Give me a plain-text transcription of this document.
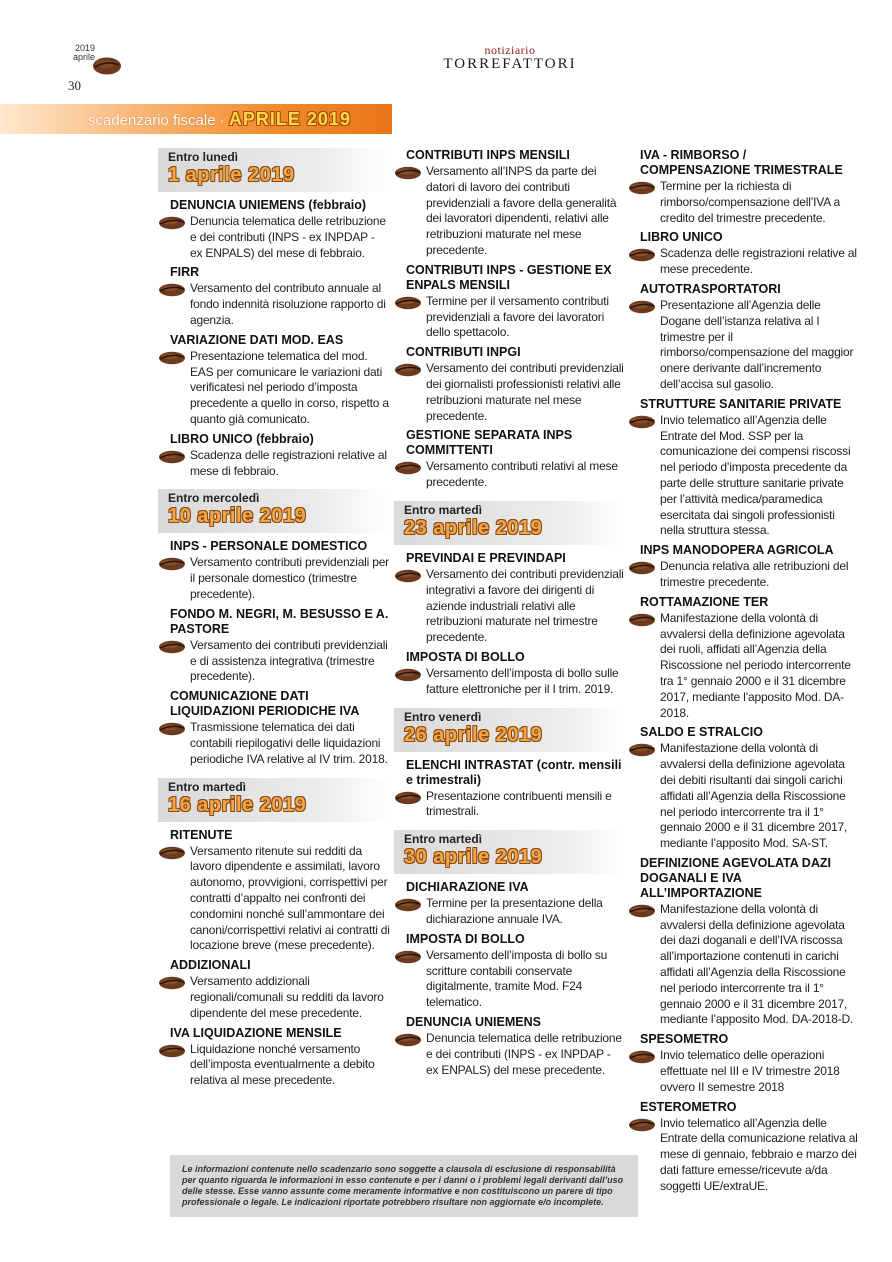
2019
aprile
30
notiziario
TORREFATTORI
scadenzario fiscale · APRILE 2019
Entro lunedì
1 aprile 2019
DENUNCIA UNIEMENS (febbraio)
Denuncia telematica delle retribuzione e dei contributi (INPS - ex INPDAP - ex ENPALS) del mese di febbraio.
FIRR
Versamento del contributo annuale al fondo indennità risoluzione rapporto di agenzia.
VARIAZIONE DATI MOD. EAS
Presentazione telematica del mod. EAS per comunicare le variazioni dati verificatesi nel periodo d’imposta precedente a quello in corso, rispetto a quanto già comunicato.
LIBRO UNICO (febbraio)
Scadenza delle registrazioni relative al mese di febbraio.
Entro mercoledì
10 aprile 2019
INPS - PERSONALE DOMESTICO
Versamento contributi previdenziali per il personale domestico (trimestre precedente).
FONDO M. NEGRI, M. BESUSSO E A. PASTORE
Versamento dei contributi previdenziali e di assistenza integrativa (trimestre precedente).
COMUNICAZIONE DATI LIQUIDAZIONI PERIODICHE IVA
Trasmissione telematica dei dati contabili riepilogativi delle liquidazioni periodiche IVA relative al IV trim. 2018.
Entro martedì
16 aprile 2019
RITENUTE
Versamento ritenute sui redditi da lavoro dipendente e assimilati, lavoro autonomo, provvigioni, corrispettivi per contratti d’appalto nei confronti dei condomini nonché sull’ammontare dei canoni/corrispettivi relativi ai contratti di locazione breve (mese precedente).
ADDIZIONALI
Versamento addizionali regionali/comunali su redditi da lavoro dipendente del mese precedente.
IVA LIQUIDAZIONE MENSILE
Liquidazione nonché versamento dell’imposta eventualmente a debito relativa al mese precedente.
CONTRIBUTI INPS MENSILI
Versamento all’INPS da parte dei datori di lavoro dei contributi previdenziali a favore della generalità dei lavoratori dipendenti, relativi alle retribuzioni maturate nel mese precedente.
CONTRIBUTI INPS - GESTIONE EX ENPALS MENSILI
Termine per il versamento contributi previdenziali a favore dei lavoratori dello spettacolo.
CONTRIBUTI INPGI
Versamento dei contributi previdenziali dei giornalisti professionisti relativi alle retribuzioni maturate nel mese precedente.
GESTIONE SEPARATA INPS COMMITTENTI
Versamento contributi relativi al mese precedente.
Entro martedì
23 aprile 2019
PREVINDAI E PREVINDAPI
Versamento dei contributi previdenziali integrativi a favore dei dirigenti di aziende industriali relativi alle retribuzioni maturate nel trimestre precedente.
IMPOSTA DI BOLLO
Versamento dell’imposta di bollo sulle fatture elettroniche per il I trim. 2019.
Entro venerdì
26 aprile 2019
ELENCHI INTRASTAT (contr. mensili e trimestrali)
Presentazione contribuenti mensili e trimestrali.
Entro martedì
30 aprile 2019
DICHIARAZIONE IVA
Termine per la presentazione della dichiarazione annuale IVA.
IMPOSTA DI BOLLO
Versamento dell’imposta di bollo su scritture contabili conservate digitalmente, tramite Mod. F24 telematico.
DENUNCIA UNIEMENS
Denuncia telematica delle retribuzione e dei contributi (INPS - ex INPDAP - ex ENPALS) del mese precedente.
IVA - RIMBORSO / COMPENSAZIONE TRIMESTRALE
Termine per la richiesta di rimborso/compensazione dell’IVA a credito del trimestre precedente.
LIBRO UNICO
Scadenza delle registrazioni relative al mese precedente.
AUTOTRASPORTATORI
Presentazione all’Agenzia delle Dogane dell’istanza relativa al I trimestre per il rimborso/compensazione del maggior onere derivante dall’incremento dell’accisa sul gasolio.
STRUTTURE SANITARIE PRIVATE
Invio telematico all’Agenzia delle Entrate del Mod. SSP per la comunicazione dei compensi riscossi nel periodo d’imposta precedente da parte delle strutture sanitarie private per l’attività medica/paramedica esercitata dai singoli professionisti nella struttura stessa.
INPS MANODOPERA AGRICOLA
Denuncia relativa alle retribuzioni del trimestre precedente.
ROTTAMAZIONE TER
Manifestazione della volontà di avvalersi della definizione agevolata dei ruoli, affidati all’Agenzia della Riscossione nel periodo intercorrente tra 1° gennaio 2000 e il 31 dicembre 2017, mediante l’apposito Mod. DA-2018.
SALDO E STRALCIO
Manifestazione della volontà di avvalersi della definizione agevolata dei debiti risultanti dai singoli carichi affidati all’Agenzia della Riscossione nel periodo intercorrente tra il 1° gennaio 2000 e il 31 dicembre 2017, mediante l’apposito Mod. SA-ST.
DEFINIZIONE AGEVOLATA DAZI DOGANALI E IVA ALL’IMPORTAZIONE
Manifestazione della volontà di avvalersi della definizione agevolata dei dazi doganali e dell’IVA riscossa all’importazione contenuti in carichi affidati all’Agenzia della Riscossione nel periodo intercorrente tra il 1° gennaio 2000 e il 31 dicembre 2017, mediante l’apposito Mod. DA-2018-D.
SPESOMETRO
Invio telematico delle operazioni effettuate nel III e IV trimestre 2018 ovvero II semestre 2018
ESTEROMETRO
Invio telematico all’Agenzia delle Entrate della comunicazione relativa al mese di gennaio, febbraio e marzo dei dati fatture emesse/ricevute a/da soggetti UE/extraUE.
Le informazioni contenute nello scadenzario sono soggette a clausola di esclusione di responsabilità per quanto riguarda le informazioni in esso contenute e per i danni o i problemi legali derivanti dall’uso delle stesse. Esse vanno assunte come meramente informative e non costituiscono un parere di tipo professionale o legale. Le indicazioni riportate potrebbero risultare non aggiornate e/o incomplete.
